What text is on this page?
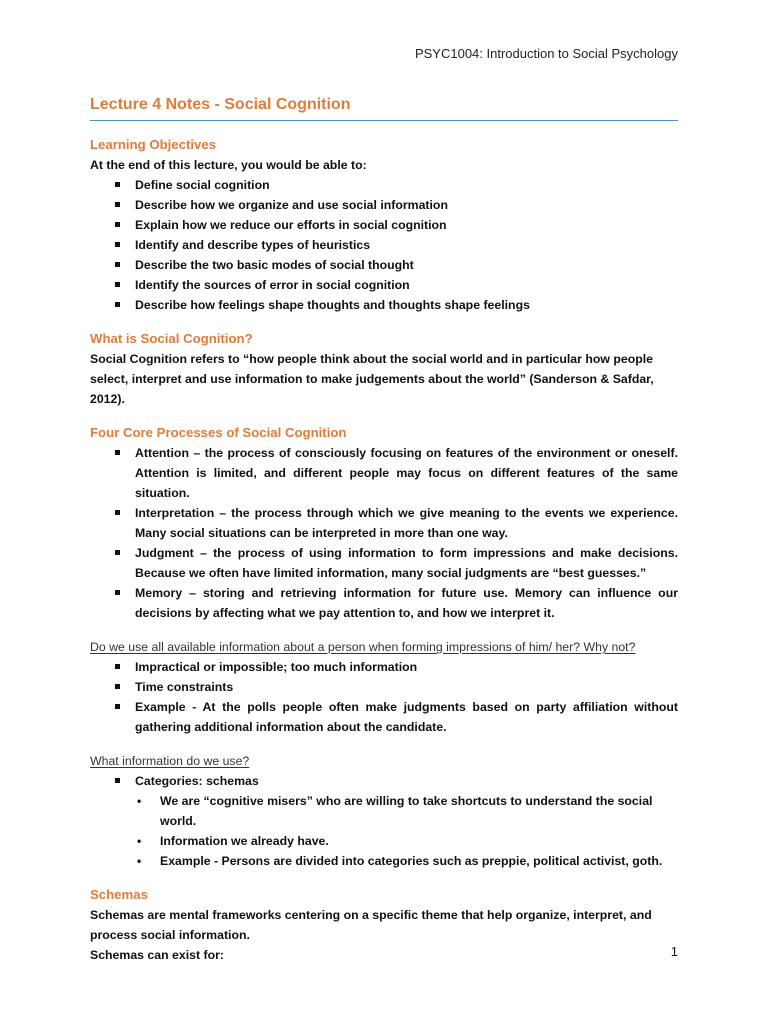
PSYC1004: Introduction to Social Psychology
Lecture 4 Notes - Social Cognition
Learning Objectives

At the end of this lecture, you would be able to:

Define social cognition
Describe how we organize and use social information
Explain how we reduce our efforts in social cognition
Identify and describe types of heuristics
Describe the two basic modes of social thought
Identify the sources of error in social cognition
Describe how feelings shape thoughts and thoughts shape feelings
What is Social Cognition?

Social Cognition refers to “how people think about the social world and in particular how people select, interpret and use information to make judgements about the world” (Sanderson & Safdar, 2012).

Four Core Processes of Social Cognition
Attention – the process of consciously focusing on features of the environment or oneself. Attention is limited, and different people may focus on different features of the same situation.
Interpretation – the process through which we give meaning to the events we experience. Many social situations can be interpreted in more than one way.
Judgment – the process of using information to form impressions and make decisions. Because we often have limited information, many social judgments are “best guesses.”
Memory – storing and retrieving information for future use. Memory can influence our decisions by affecting what we pay attention to, and how we interpret it.
Do we use all available information about a person when forming impressions of him/ her? Why not?
Impractical or impossible; too much information
Time constraints
Example - At the polls people often make judgments based on party affiliation without gathering additional information about the candidate.
What information do we use?
Categories: schemas
• We are “cognitive misers” who are willing to take shortcuts to understand the social world.
• Information we already have.
• Example - Persons are divided into categories such as preppie, political activist, goth.
Schemas

Schemas are mental frameworks centering on a specific theme that help organize, interpret, and process social information.

Schemas can exist for:	1
